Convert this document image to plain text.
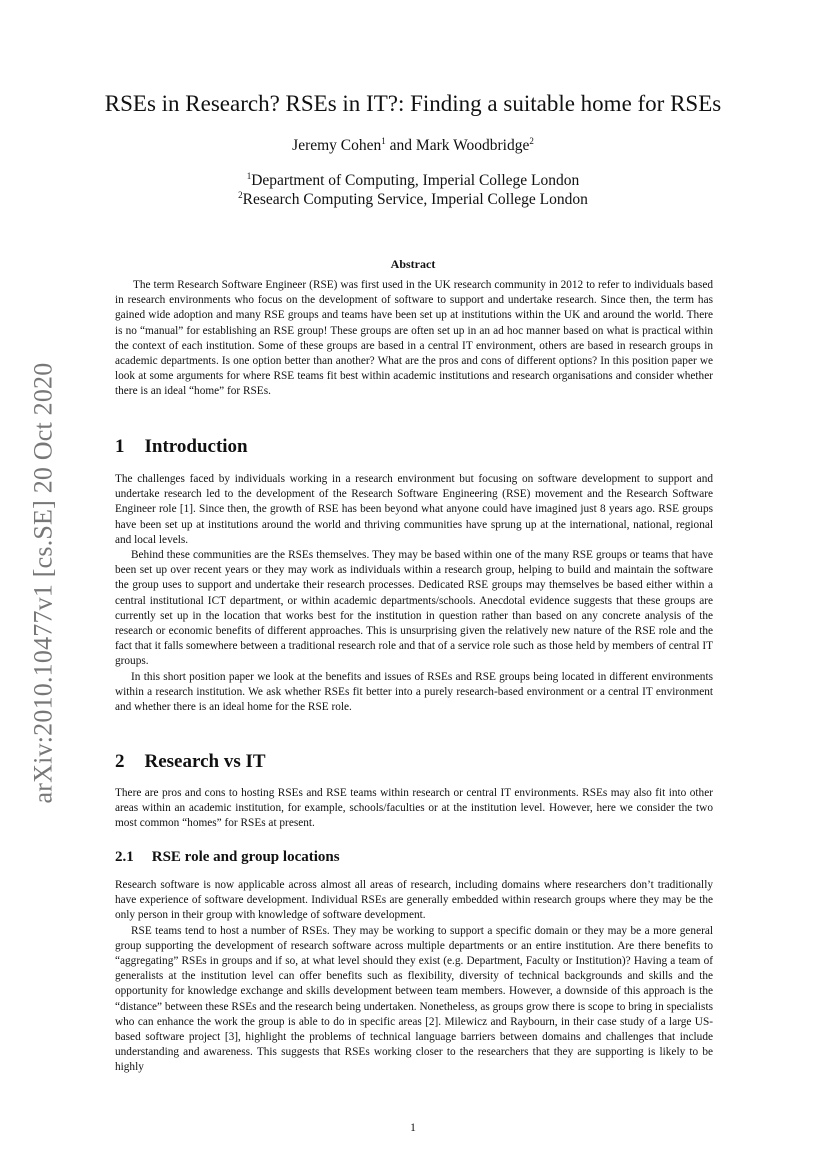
arXiv:2010.10477v1 [cs.SE] 20 Oct 2020
RSEs in Research? RSEs in IT?: Finding a suitable home for RSEs
Jeremy Cohen$^1$ and Mark Woodbridge$^2$
$^1$Department of Computing, Imperial College London
$^2$Research Computing Service, Imperial College London
Abstract

The term Research Software Engineer (RSE) was first used in the UK research community in 2012 to refer to individuals based in research environments who focus on the development of software to support and undertake research. Since then, the term has gained wide adoption and many RSE groups and teams have been set up at institutions within the UK and around the world. There is no “manual” for establishing an RSE group! These groups are often set up in an ad hoc manner based on what is practical within the context of each institution. Some of these groups are based in a central IT environment, others are based in research groups in academic departments. Is one option better than another? What are the pros and cons of different options? In this position paper we look at some arguments for where RSE teams fit best within academic institutions and research organisations and consider whether there is an ideal “home” for RSEs.

1 Introduction

The challenges faced by individuals working in a research environment but focusing on software development to support and undertake research led to the development of the Research Software Engineering (RSE) movement and the Research Software Engineer role [1]. Since then, the growth of RSE has been beyond what anyone could have imagined just 8 years ago. RSE groups have been set up at institutions around the world and thriving communities have sprung up at the international, national, regional and local levels.

Behind these communities are the RSEs themselves. They may be based within one of the many RSE groups or teams that have been set up over recent years or they may work as individuals within a research group, helping to build and maintain the software the group uses to support and undertake their research processes. Dedicated RSE groups may themselves be based either within a central institutional ICT department, or within academic departments/schools. Anecdotal evidence suggests that these groups are currently set up in the location that works best for the institution in question rather than based on any concrete analysis of the research or economic benefits of different approaches. This is unsurprising given the relatively new nature of the RSE role and the fact that it falls somewhere between a traditional research role and that of a service role such as those held by members of central IT groups.

In this short position paper we look at the benefits and issues of RSEs and RSE groups being located in different environments within a research institution. We ask whether RSEs fit better into a purely research-based environment or a central IT environment and whether there is an ideal home for the RSE role.

2 Research vs IT

There are pros and cons to hosting RSEs and RSE teams within research or central IT environments. RSEs may also fit into other areas within an academic institution, for example, schools/faculties or at the institution level. However, here we consider the two most common “homes” for RSEs at present.

2.1 RSE role and group locations

Research software is now applicable across almost all areas of research, including domains where researchers don’t traditionally have experience of software development. Individual RSEs are generally embedded within research groups where they may be the only person in their group with knowledge of software development.

RSE teams tend to host a number of RSEs. They may be working to support a specific domain or they may be a more general group supporting the development of research software across multiple departments or an entire institution. Are there benefits to “aggregating” RSEs in groups and if so, at what level should they exist (e.g. Department, Faculty or Institution)? Having a team of generalists at the institution level can offer benefits such as flexibility, diversity of technical backgrounds and skills and the opportunity for knowledge exchange and skills development between team members. However, a downside of this approach is the “distance” between these RSEs and the research being undertaken. Nonetheless, as groups grow there is scope to bring in specialists who can enhance the work the group is able to do in specific areas [2]. Milewicz and Raybourn, in their case study of a large US-based software project [3], highlight the problems of technical language barriers between domains and challenges that include understanding and awareness. This suggests that RSEs working closer to the researchers that they are supporting is likely to be highly

1
